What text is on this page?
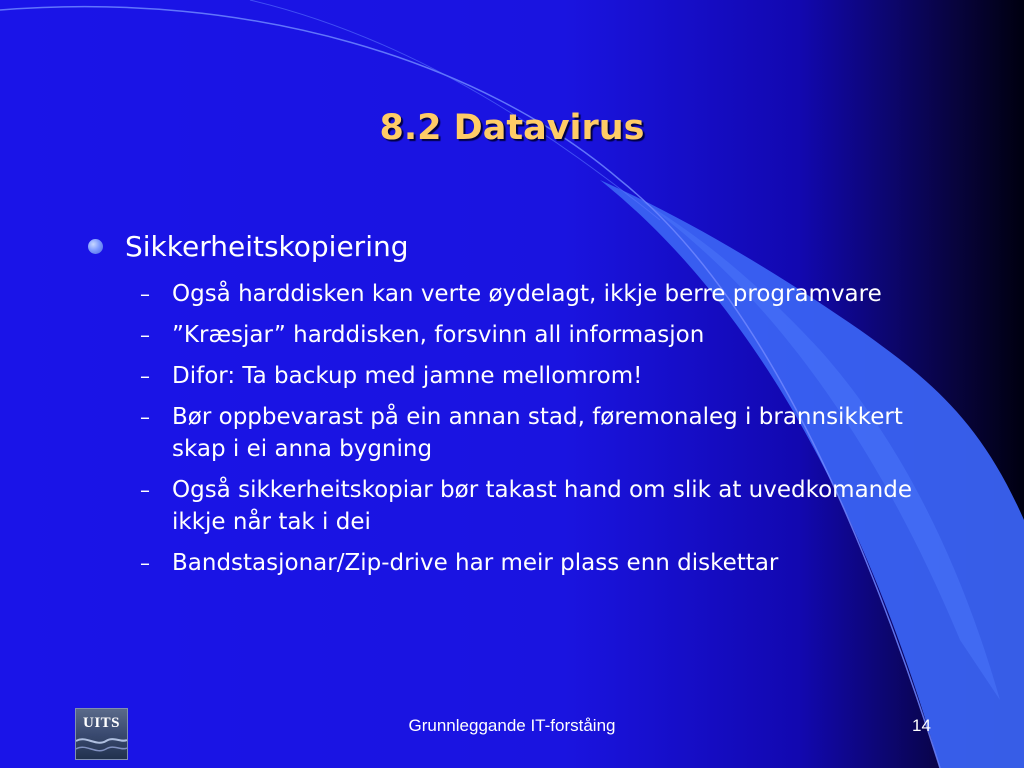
8.2 Datavirus
Sikkerheitskopiering
– Også harddisken kan verte øydelagt, ikkje berre programvare
– ”Kræsjar” harddisken, forsvinn all informasjon
– Difor: Ta backup med jamne mellomrom!
– Bør oppbevarast på ein annan stad, føremonaleg i brannsikkert skap i ei anna bygning
– Også sikkerheitskopiar bør takast hand om slik at uvedkomande ikkje når tak i dei
– Bandstasjonar/Zip-drive har meir plass enn diskettar
UITS	Grunnleggande IT-forståing	14
